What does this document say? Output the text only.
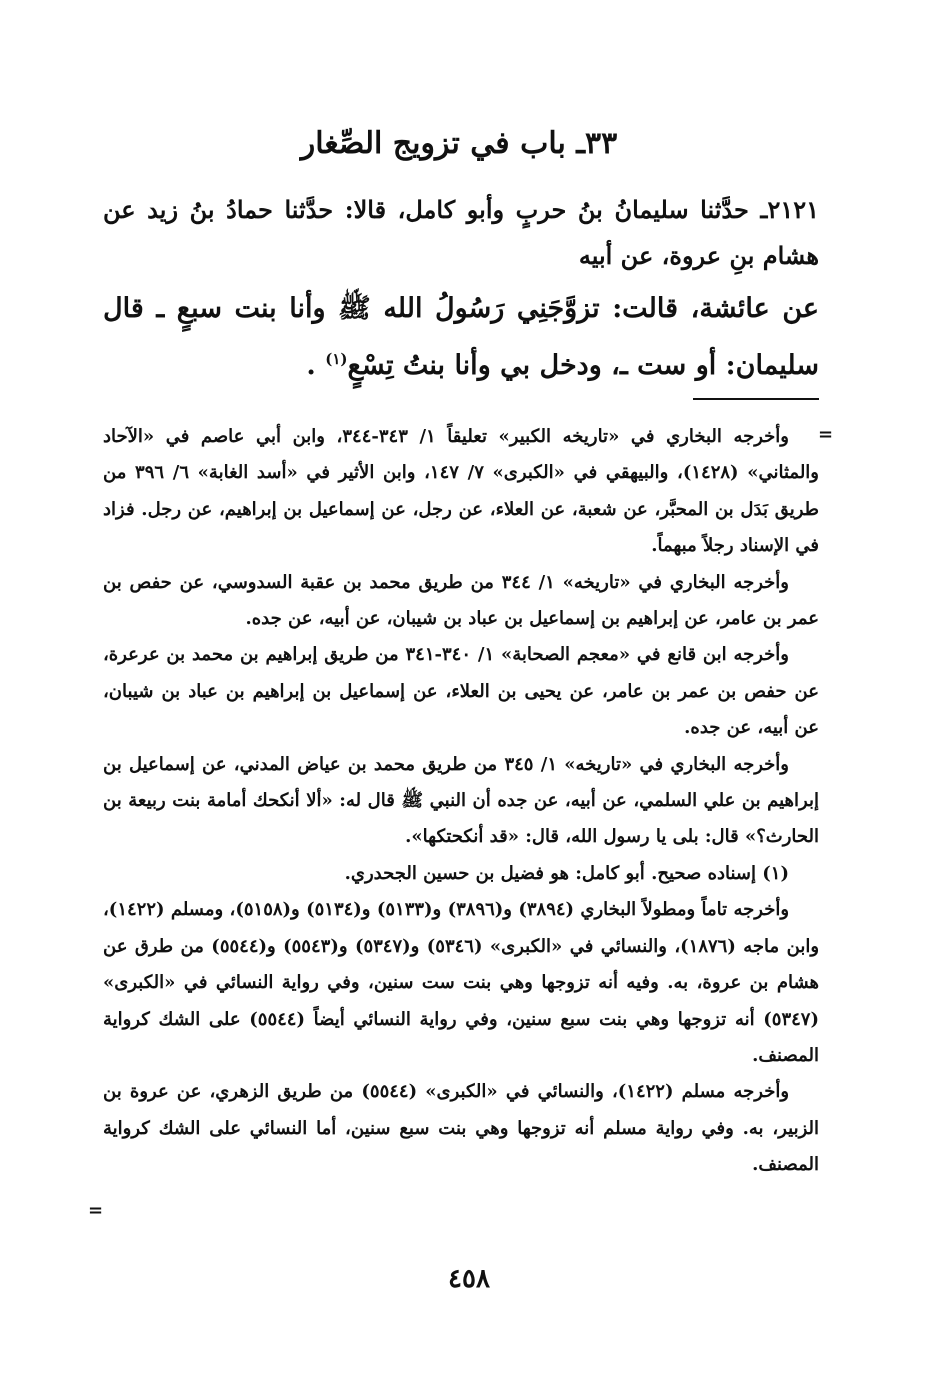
٣٣ـ باب في تزويج الصِّغار
٢١٢١ـ حدَّثنا سليمانُ بنُ حربٍ وأبو كامل، قالا: حدَّثنا حمادُ بنُ زيد عن هشام بنِ عروة، عن أبيه
عن عائشة، قالت: تزوَّجَنِي رَسُولُ الله ﷺ وأنا بنت سبعٍ ـ قال سليمان: أو ست ـ، ودخل بي وأنا بنتُ تِسْعٍ$^{(١)}$ .
=

وأخرجه البخاري في «تاريخه الكبير» تعليقاً ١/ ٣٤٣-٣٤٤، وابن أبي عاصم في «الآحاد والمثاني» (١٤٢٨)، والبيهقي في «الكبرى» ٧/ ١٤٧، وابن الأثير في «أسد الغابة» ٦/ ٣٩٦ من طريق بَدَل بن المحبَّر، عن شعبة، عن العلاء، عن رجل، عن إسماعيل بن إبراهيم، عن رجل. فزاد في الإسناد رجلاً مبهماً.

وأخرجه البخاري في «تاريخه» ١/ ٣٤٤ من طريق محمد بن عقبة السدوسي، عن حفص بن عمر بن عامر، عن إبراهيم بن إسماعيل بن عباد بن شيبان، عن أبيه، عن جده.

وأخرجه ابن قانع في «معجم الصحابة» ١/ ٣٤٠-٣٤١ من طريق إبراهيم بن محمد بن عرعرة، عن حفص بن عمر بن عامر، عن يحيى بن العلاء، عن إسماعيل بن إبراهيم بن عباد بن شيبان، عن أبيه، عن جده.

وأخرجه البخاري في «تاريخه» ١/ ٣٤٥ من طريق محمد بن عياض المدني، عن إسماعيل بن إبراهيم بن علي السلمي، عن أبيه، عن جده أن النبي ﷺ قال له: «ألا أنكحك أمامة بنت ربيعة بن الحارث؟» قال: بلى يا رسول الله، قال: «قد أنكحتكها».

(١) إسناده صحيح. أبو كامل: هو فضيل بن حسين الجحدري.

وأخرجه تاماً ومطولاً البخاري (٣٨٩٤) و(٣٨٩٦) و(٥١٣٣) و(٥١٣٤) و(٥١٥٨)، ومسلم (١٤٢٢)، وابن ماجه (١٨٧٦)، والنسائي في «الكبرى» (٥٣٤٦) و(٥٣٤٧) و(٥٥٤٣) و(٥٥٤٤) من طرق عن هشام بن عروة، به. وفيه أنه تزوجها وهي بنت ست سنين، وفي رواية النسائي في «الكبرى» (٥٣٤٧) أنه تزوجها وهي بنت سبع سنين، وفي رواية النسائي أيضاً (٥٥٤٤) على الشك كرواية المصنف.

وأخرجه مسلم (١٤٢٢)، والنسائي في «الكبرى» (٥٥٤٤) من طريق الزهري، عن عروة بن الزبير، به. وفي رواية مسلم أنه تزوجها وهي بنت سبع سنين، أما النسائي على الشك كرواية المصنف.

=
٤٥٨
